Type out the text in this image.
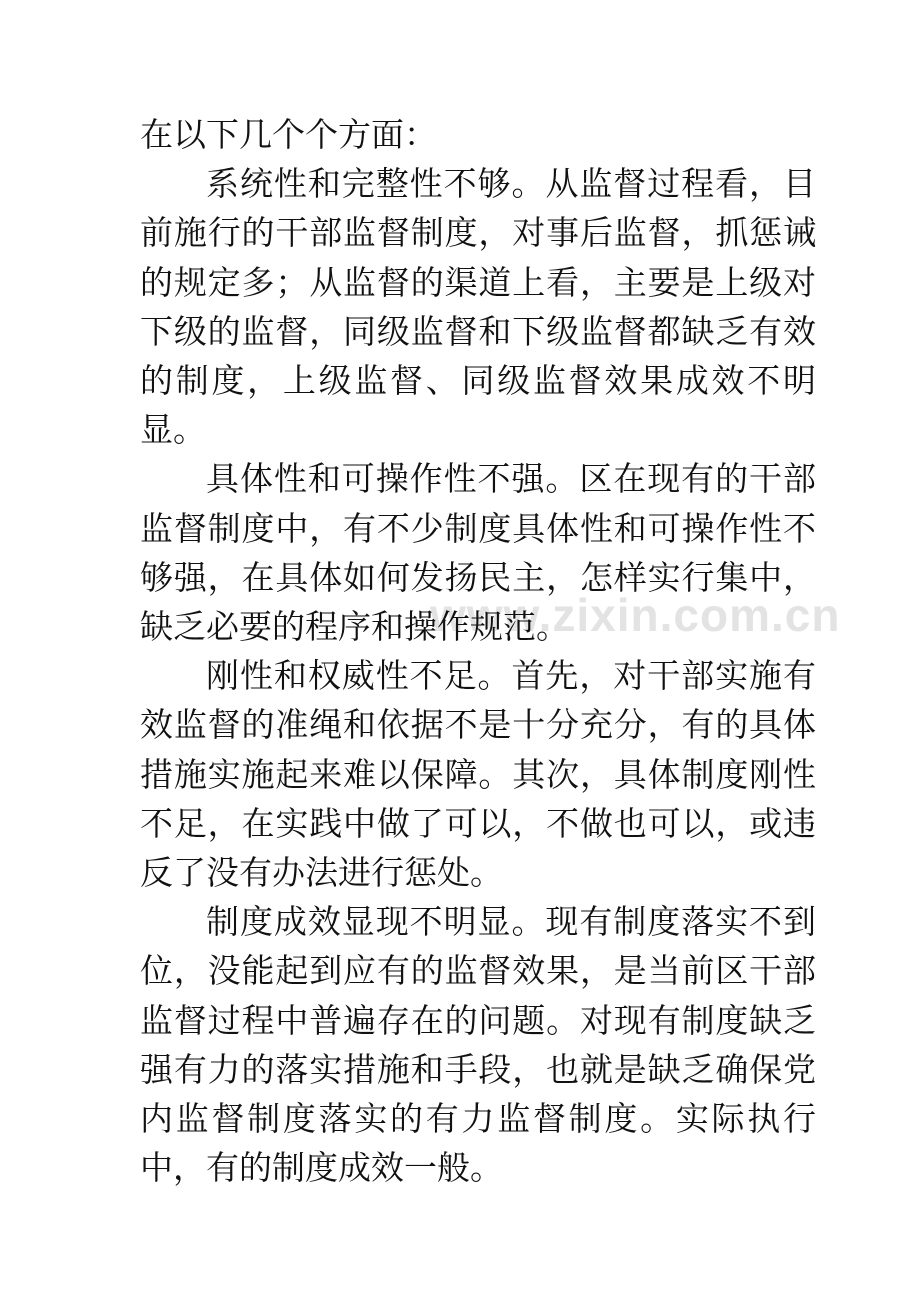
www.zixin.com.cn

在以下几个个方面：

系统性和完整性不够。从监督过程看，目前施行的干部监督制度，对事后监督，抓惩诫的规定多；从监督的渠道上看，主要是上级对下级的监督，同级监督和下级监督都缺乏有效的制度，上级监督、同级监督效果成效不明显。

具体性和可操作性不强。区在现有的干部监督制度中，有不少制度具体性和可操作性不够强，在具体如何发扬民主，怎样实行集中，缺乏必要的程序和操作规范。

刚性和权威性不足。首先，对干部实施有效监督的准绳和依据不是十分充分，有的具体措施实施起来难以保障。其次，具体制度刚性不足，在实践中做了可以，不做也可以，或违反了没有办法进行惩处。

制度成效显现不明显。现有制度落实不到位，没能起到应有的监督效果，是当前区干部监督过程中普遍存在的问题。对现有制度缺乏强有力的落实措施和手段，也就是缺乏确保党内监督制度落实的有力监督制度。实际执行中，有的制度成效一般。
